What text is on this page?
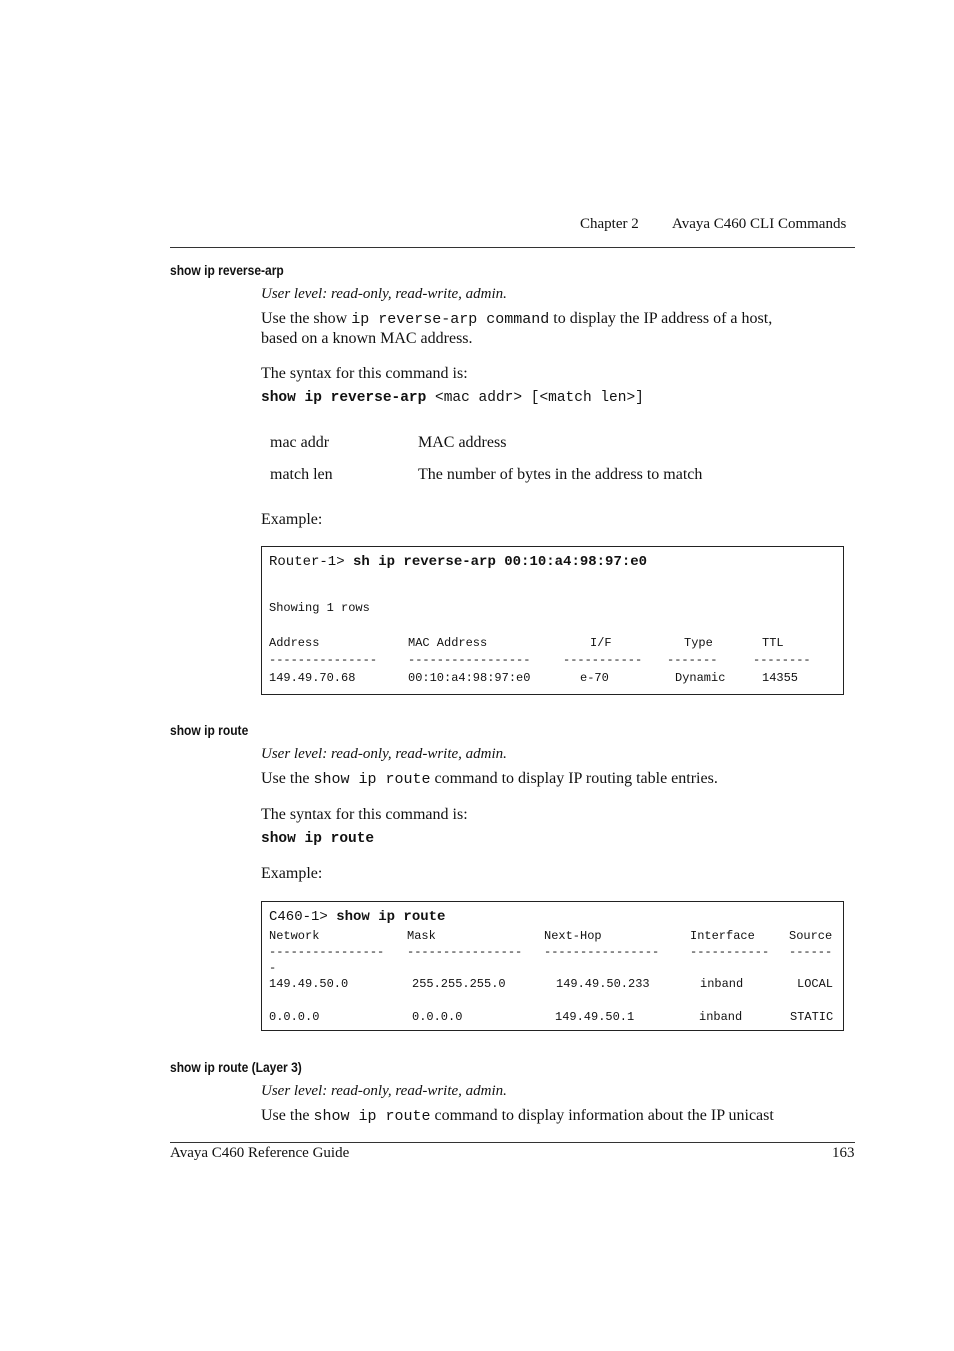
Chapter 2 Avaya C460 CLI Commands
show ip reverse-arp
User level: read-only, read-write, admin.
Use the show ip reverse-arp command to display the IP address of a host,
based on a known MAC address.
The syntax for this command is:
show ip reverse-arp <mac addr> [<match len>]
mac addr	MAC address
match len	The number of bytes in the address to match
Example:
Router-1> sh ip reverse-arp 00:10:a4:98:97:e0
Showing 1 rows
Address	MAC Address	I/F	Type	TTL
---------------	-----------------	----------- -------	--------
149.49.70.68	00:10:a4:98:97:e0	e-70	Dynamic	14355
show ip route
User level: read-only, read-write, admin.
Use the show ip route command to display IP routing table entries.
The syntax for this command is:
show ip route
Example:
C460-1> show ip route
Network	Mask	Next-Hop	Interface	Source
---------------- ---------------- ----------------	----------- ------
-
149.49.50.0	255.255.255.0	149.49.50.233	inband	LOCAL
0.0.0.0	0.0.0.0	149.49.50.1	inband	STATIC
show ip route (Layer 3)
User level: read-only, read-write, admin.
Use the show ip route command to display information about the IP unicast
Avaya C460 Reference Guide	163
